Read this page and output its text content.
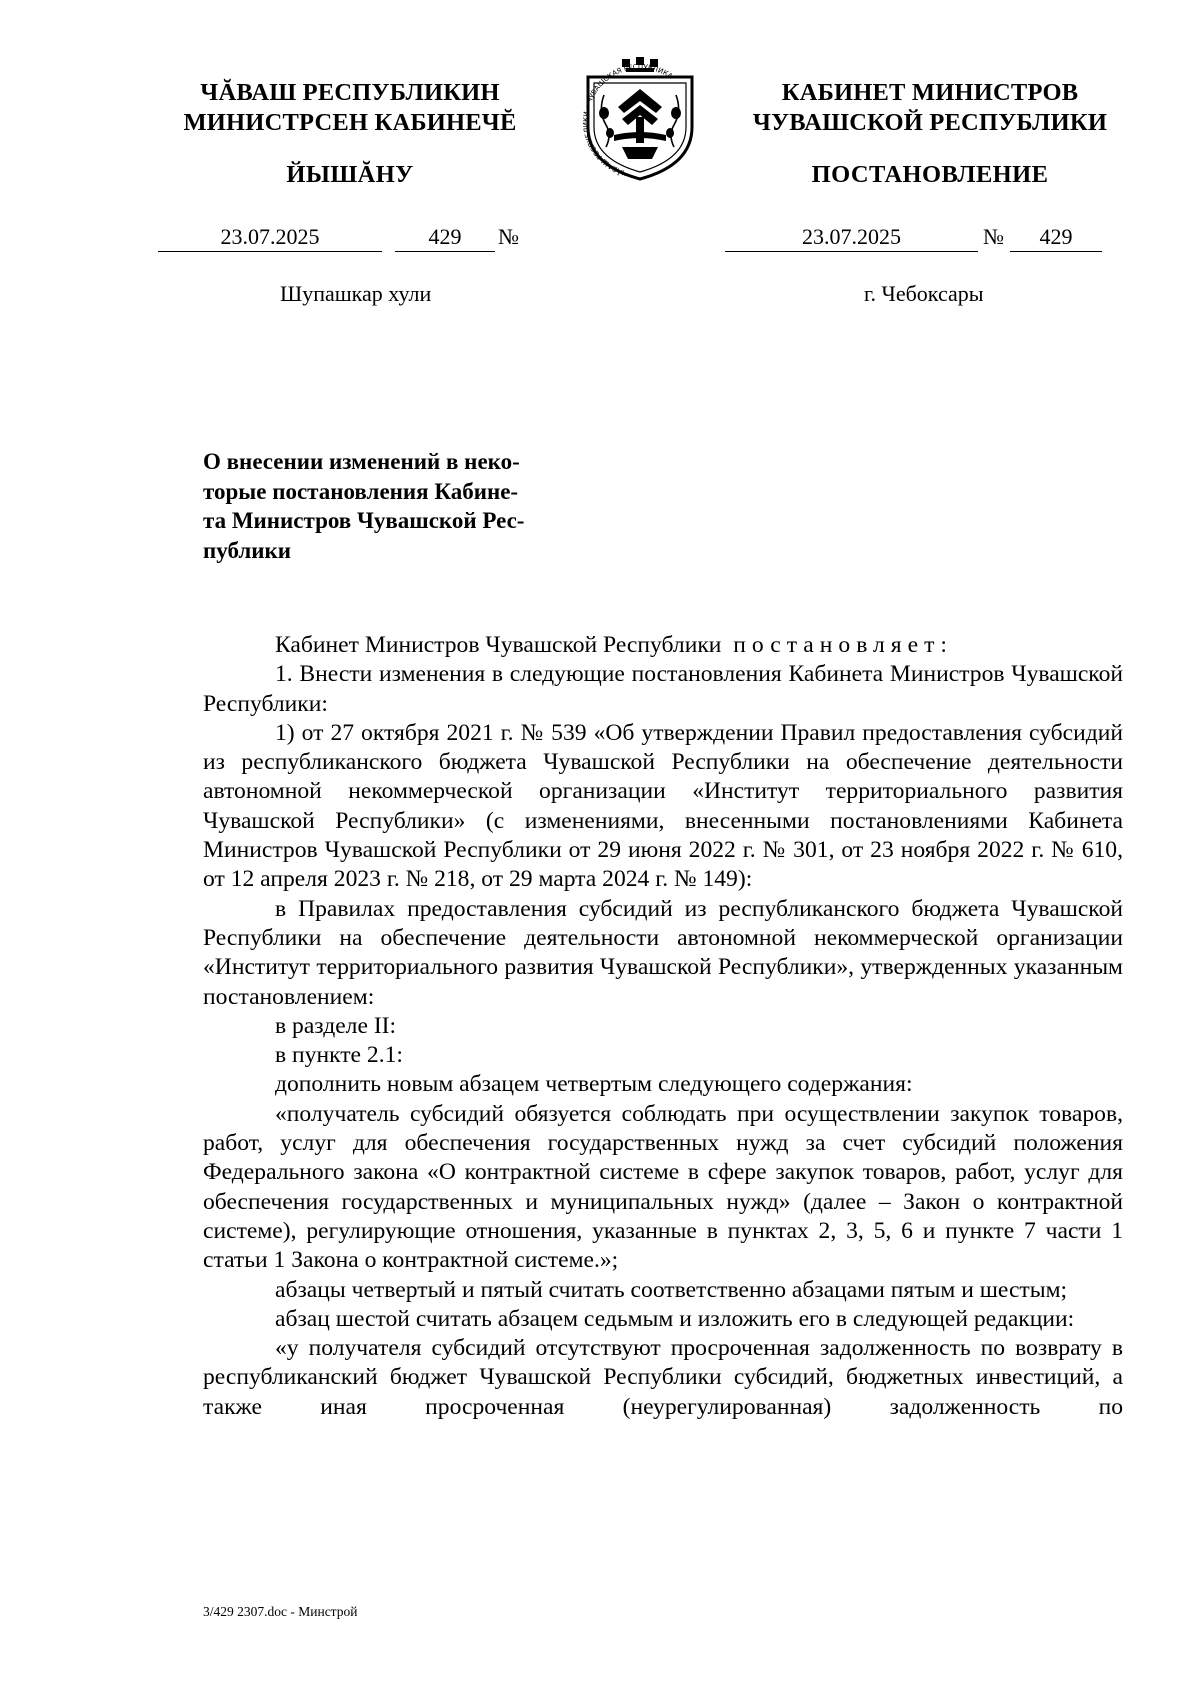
ЧĂВАШ РЕСПУБЛИКИН
МИНИСТРСЕН КАБИНЕЧĔ
ЙЫШĂНУ
КАБИНЕТ МИНИСТРОВ
ЧУВАШСКОЙ РЕСПУБЛИКИ
ПОСТАНОВЛЕНИЕ
ЧĂВАШ РЕСПУБЛИКИ • ЧУВАШСКАЯ РЕСПУБЛИКА
23.07.2025	429	№	23.07.2025	№	429
Шупашкар хули	г. Чебоксары
О внесении изменений в неко-
торые постановления Кабине-
та Министров Чувашской Рес-
публики
Кабинет Министров Чувашской Республики постановляет:
1. Внести изменения в следующие постановления Кабинета Министров Чувашской Республики:
1) от 27 октября 2021 г. № 539 «Об утверждении Правил предоставления субсидий из республиканского бюджета Чувашской Республики на обеспечение деятельности автономной некоммерческой организации «Институт территориального развития Чувашской Республики» (с изменениями, внесенными постановлениями Кабинета Министров Чувашской Республики от 29 июня 2022 г. № 301, от 23 ноября 2022 г. № 610, от 12 апреля 2023 г. № 218, от 29 марта 2024 г. № 149):
в Правилах предоставления субсидий из республиканского бюджета Чувашской Республики на обеспечение деятельности автономной некоммерческой организации «Институт территориального развития Чувашской Республики», утвержденных указанным постановлением:
в разделе II:
в пункте 2.1:
дополнить новым абзацем четвертым следующего содержания:
«получатель субсидий обязуется соблюдать при осуществлении закупок товаров, работ, услуг для обеспечения государственных нужд за счет субсидий положения Федерального закона «О контрактной системе в сфере закупок товаров, работ, услуг для обеспечения государственных и муниципальных нужд» (далее – Закон о контрактной системе), регулирующие отношения, указанные в пунктах 2, 3, 5, 6 и пункте 7 части 1 статьи 1 Закона о контрактной системе.»;
абзацы четвертый и пятый считать соответственно абзацами пятым и шестым;
абзац шестой считать абзацем седьмым и изложить его в следующей редакции:
«у получателя субсидий отсутствуют просроченная задолженность по возврату в республиканский бюджет Чувашской Республики субсидий, бюджетных инвестиций, а также иная просроченная (неурегулированная) задолженность по
3/429 2307.doc - Минстрой
